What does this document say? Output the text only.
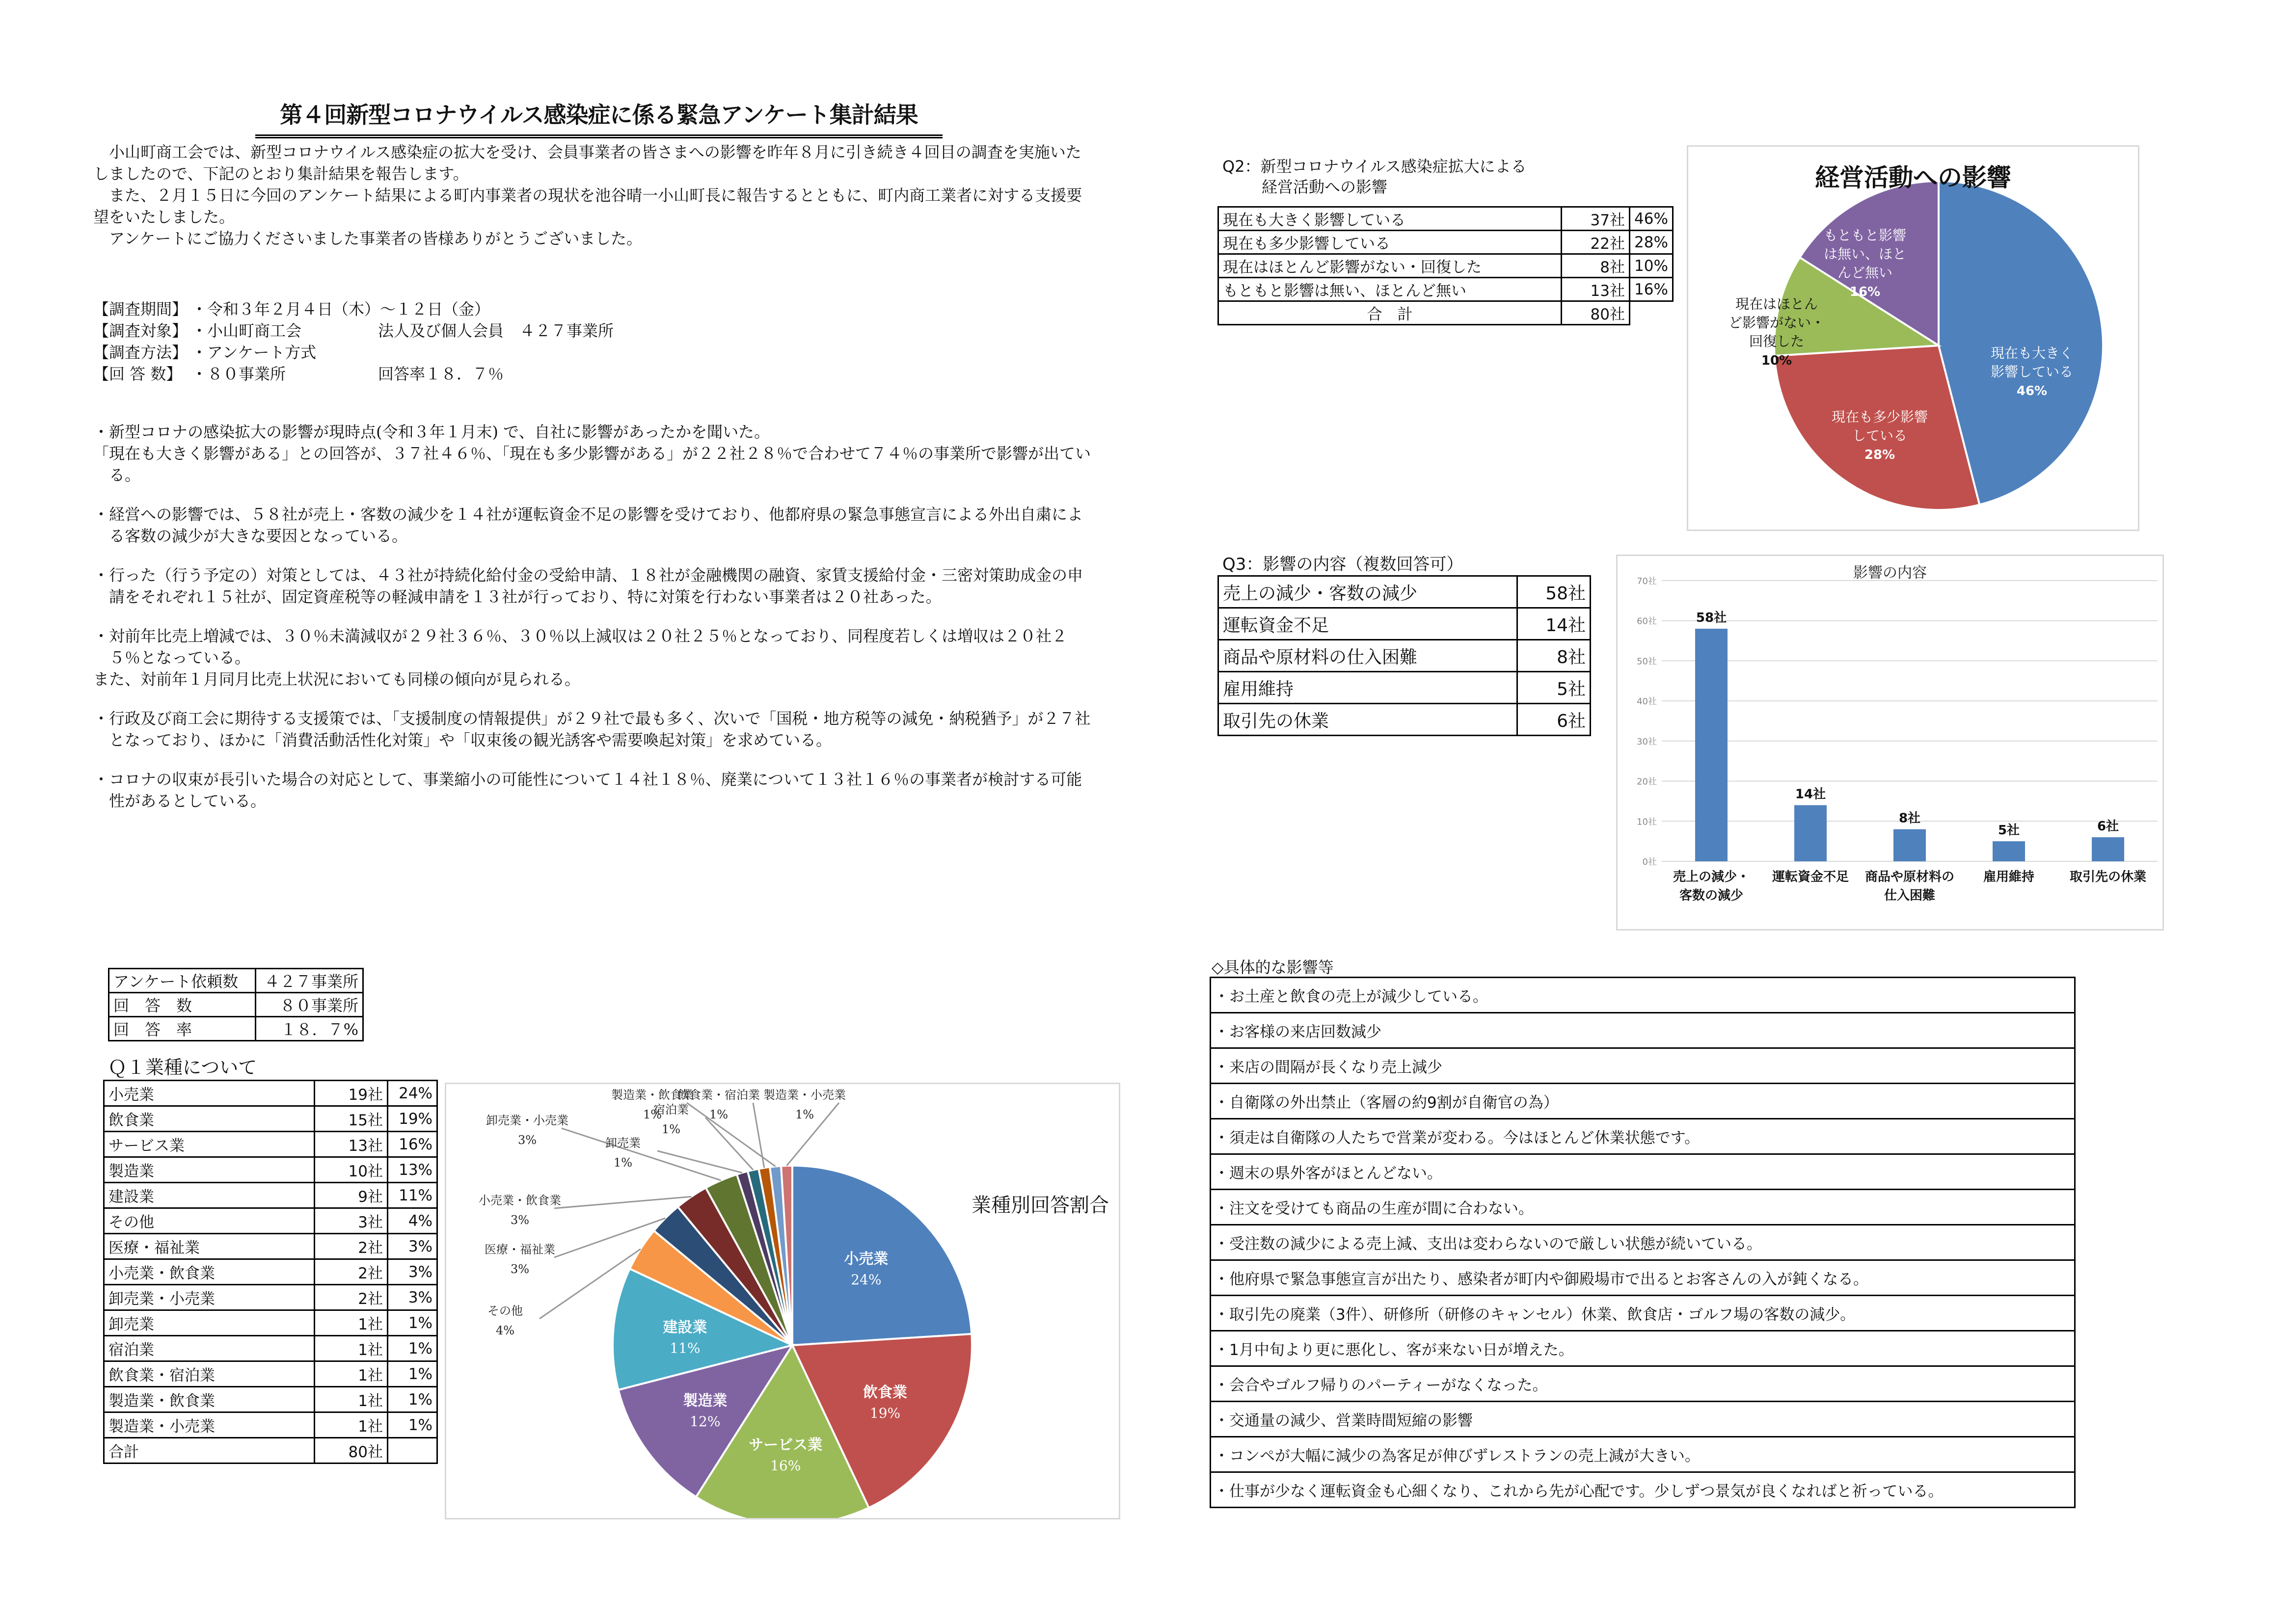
第４回新型コロナウイルス感染症に係る緊急アンケート集計結果

小山町商工会では、新型コロナウイルス感染症の拡大を受け、会員事業者の皆さまへの影響を昨年８月に引き続き４回目の調査を実施いたしましたので、下記のとおり集計結果を報告します。

また、２月１５日に今回のアンケート結果による町内事業者の現状を池谷晴一小山町長に報告するとともに、町内商工業者に対する支援要望をいたしました。

アンケートにご協力くださいました事業者の皆様ありがとうございました。

【調査期間】 ・令和３年２月４日（木）～１２日（金）
【調査対象】 ・小山町商工会	法人及び個人会員　４２７事業所
【調査方法】 ・アンケート方式
【回 答 数】 ・８０事業所	回答率１８．７％

・新型コロナの感染拡大の影響が現時点(令和３年１月末) で、自社に影響があったかを聞いた。

「現在も大きく影響がある」との回答が、３７社４６％、「現在も多少影響がある」が２２社２８％で合わせて７４％の事業所で影響が出ている。

・経営への影響では、５８社が売上・客数の減少を１４社が運転資金不足の影響を受けており、他都府県の緊急事態宣言による外出自粛による客数の減少が大きな要因となっている。

・行った（行う予定の）対策としては、４３社が持続化給付金の受給申請、１８社が金融機関の融資、家賃支援給付金・三密対策助成金の申請をそれぞれ１５社が、固定資産税等の軽減申請を１３社が行っており、特に対策を行わない事業者は２０社あった。

・対前年比売上増減では、３０％未満減収が２９社３６％、３０％以上減収は２０社２５％となっており、同程度若しくは増収は２０社２５％となっている。

また、対前年１月同月比売上状況においても同様の傾向が見られる。

・行政及び商工会に期待する支援策では、「支援制度の情報提供」が２９社で最も多く、次いで「国税・地方税等の減免・納税猶予」が２７社となっており、ほかに「消費活動活性化対策」や「収束後の観光誘客や需要喚起対策」を求めている。

・コロナの収束が長引いた場合の対応として、事業縮小の可能性について１４社１８％、廃業について１３社１６％の事業者が検討する可能性があるとしている。

アンケート依頼数	４２７事業所
回　答　数	８０事業所
回　答　率	１８．７%
Ｑ１業種について
小売業	19社	24%
飲食業	15社	19%
サービス業	13社	16%
製造業	10社	13%
建設業	9社	11%
その他	3社	4%
医療・福祉業	2社	3%
小売業・飲食業	2社	3%
卸売業・小売業	2社	3%
卸売業	1社	1%
宿泊業	1社	1%
飲食業・宿泊業	1社	1%
製造業・飲食業	1社	1%
製造業・小売業	1社	1%
合計	80社	
小売業
24%
飲食業
19%
サービス業
16%
製造業
12%
建設業
11%
その他
4%
医療・福祉業
3%
小売業・飲食業
3%
卸売業・小売業
3%	卸売業
1%
宿泊業
1%
飲食業・宿泊業
1%
製造業・飲食業
1%
製造業・小売業
1%
業種別回答割合
Q2：新型コロナウイルス感染症拡大による
経営活動への影響
現在も大きく影響している	37社	46%
現在も多少影響している	22社	28%
現在はほとんど影響がない・回復した	8社	10%
もともと影響は無い、ほとんど無い	13社	16%
合　計	80社	
経営活動への影響
現在も大きく
影響している
46%
現在も多少影響
している
28%
現在はほとん
ど影響がない・
回復した
10%
もともと影響
は無い、ほと
んど無い
16%
Q3：影響の内容（複数回答可）
売上の減少・客数の減少	58社
運転資金不足	14社
商品や原材料の仕入困難	8社
雇用維持	5社
取引先の休業	6社
影響の内容
0社
10社
20社
30社
40社
50社
60社
70社
58社
売上の減少・
客数の減少
14社
運転資金不足
8社
商品や原材料の
仕入困難
5社
雇用維持
6社
取引先の休業
◇具体的な影響等
・お土産と飲食の売上が減少している。
・お客様の来店回数減少
・来店の間隔が長くなり売上減少
・自衛隊の外出禁止（客層の約9割が自衛官の為）
・須走は自衛隊の人たちで営業が変わる。今はほとんど休業状態です。
・週末の県外客がほとんどない。
・注文を受けても商品の生産が間に合わない。
・受注数の減少による売上減、支出は変わらないので厳しい状態が続いている。
・他府県で緊急事態宣言が出たり、感染者が町内や御殿場市で出るとお客さんの入が鈍くなる。
・取引先の廃業（3件）、研修所（研修のキャンセル）休業、飲食店・ゴルフ場の客数の減少。
・1月中旬より更に悪化し、客が来ない日が増えた。
・会合やゴルフ帰りのパーティーがなくなった。
・交通量の減少、営業時間短縮の影響
・コンペが大幅に減少の為客足が伸びずレストランの売上減が大きい。
・仕事が少なく運転資金も心細くなり、これから先が心配です。少しずつ景気が良くなればと祈っている。
